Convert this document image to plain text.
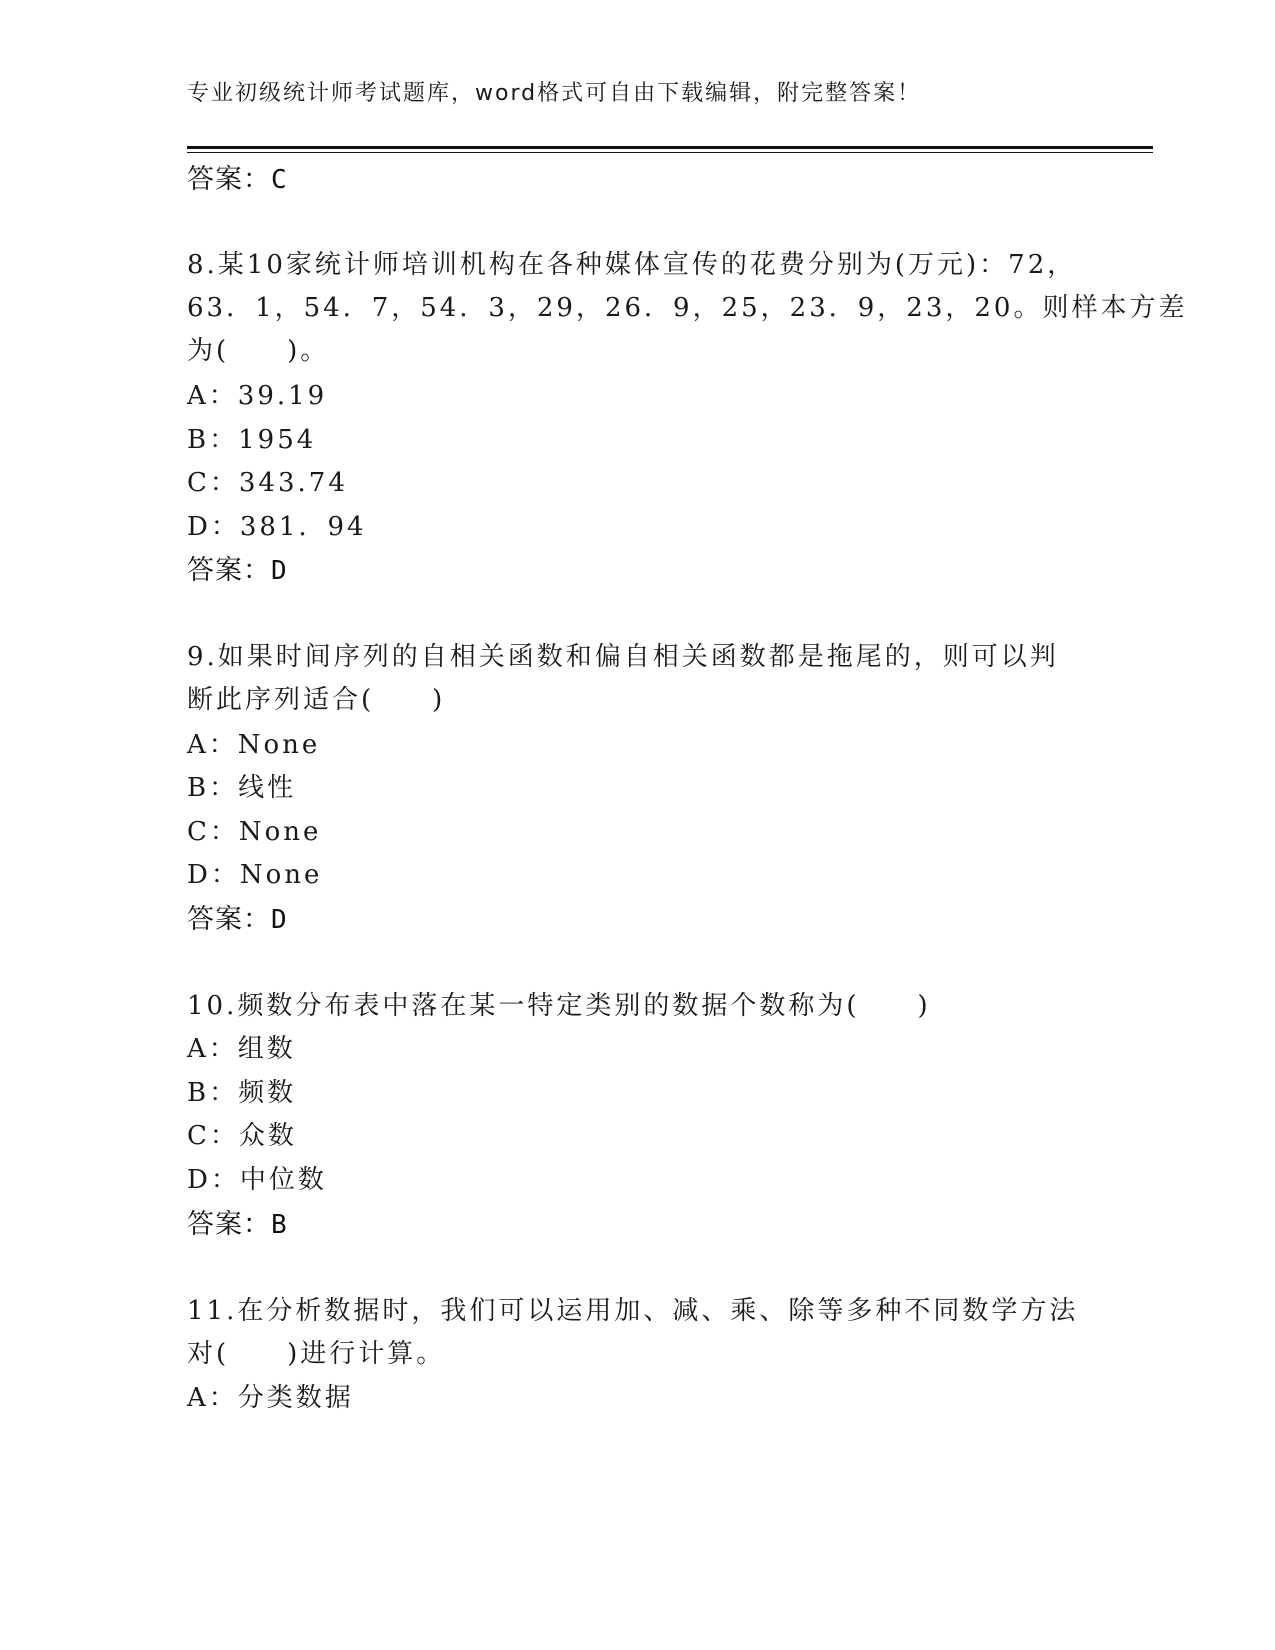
专业初级统计师考试题库，word格式可自由下载编辑，附完整答案！
答案：C
8.某10家统计师培训机构在各种媒体宣传的花费分别为(万元)：72，
63．1，54．7，54．3，29，26．9，25，23．9，23，20。则样本方差
为(　　)。
A：39.19
B：1954
C：343.74
D：381．94
答案：D
9.如果时间序列的自相关函数和偏自相关函数都是拖尾的，则可以判
断此序列适合(　　)
A：None
B：线性
C：None
D：None
答案：D
10.频数分布表中落在某一特定类别的数据个数称为(　　)
A：组数
B：频数
C：众数
D：中位数
答案：B
11.在分析数据时，我们可以运用加、减、乘、除等多种不同数学方法
对(　　)进行计算。
A：分类数据
